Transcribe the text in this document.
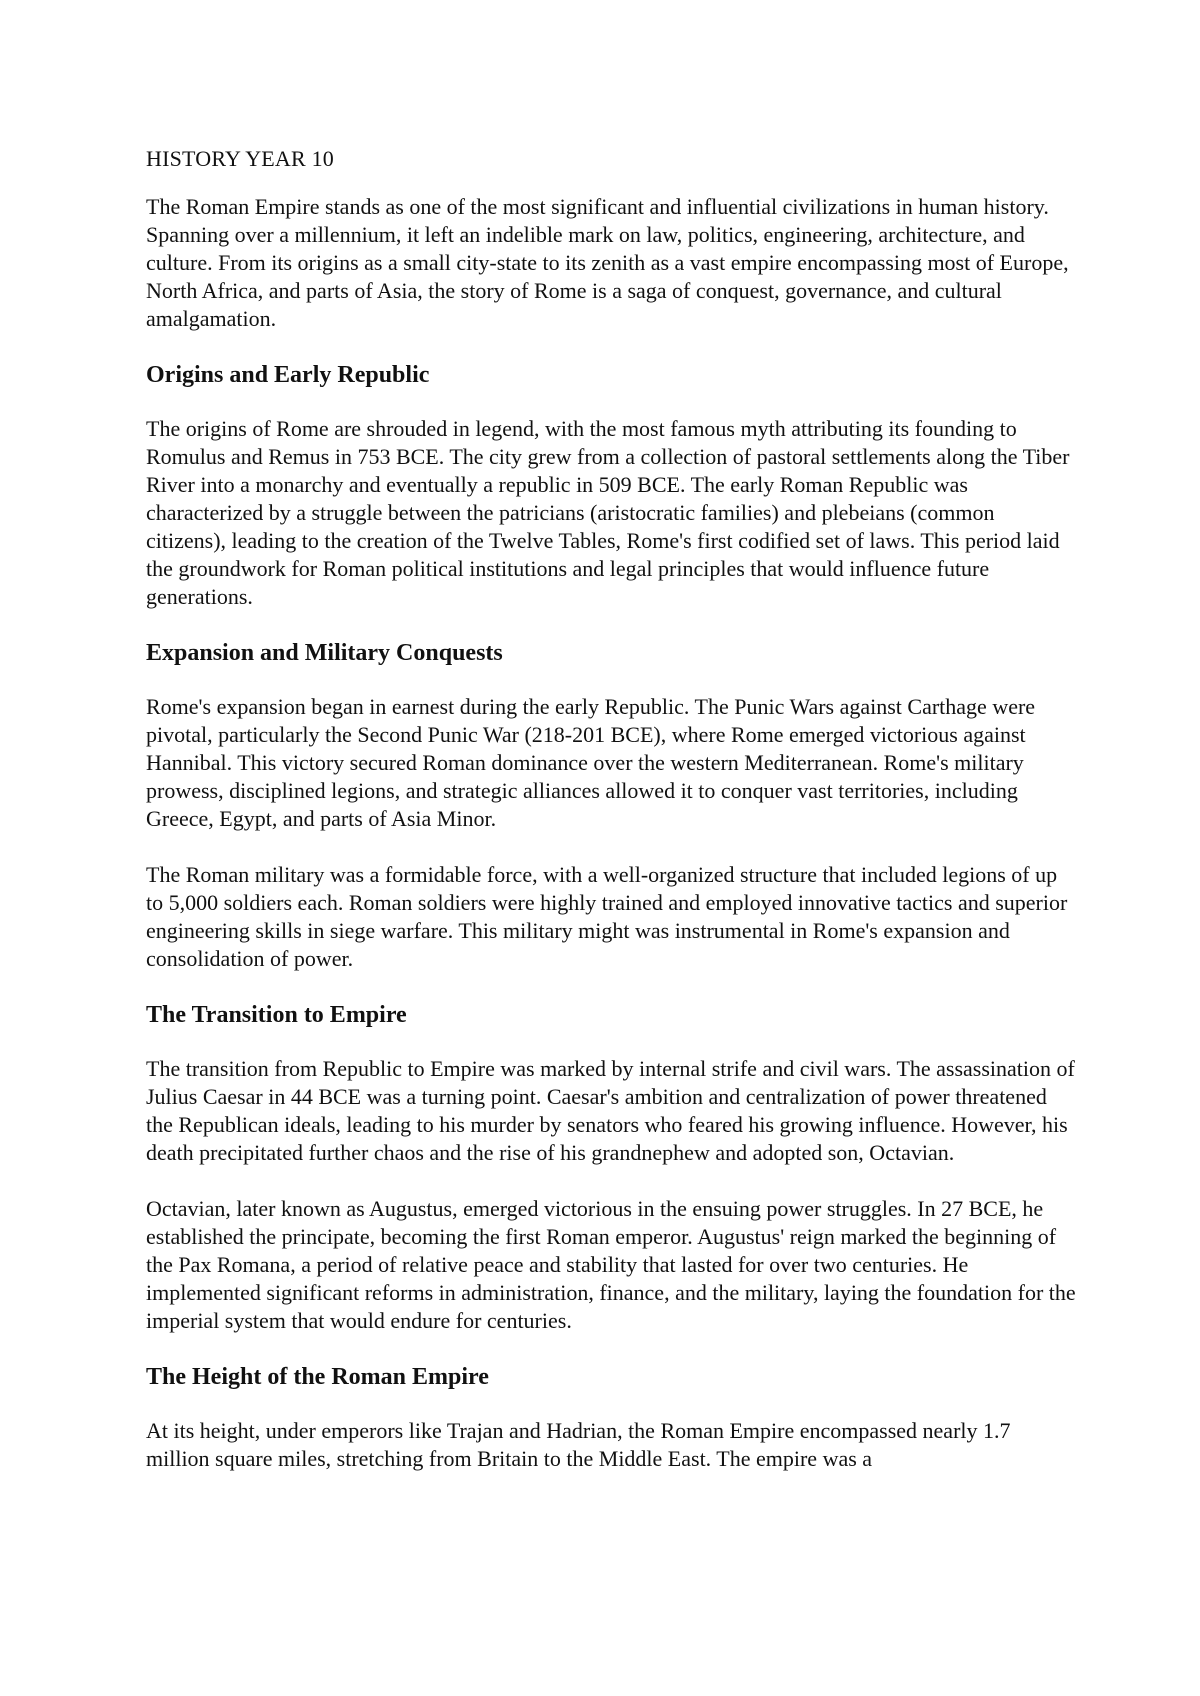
HISTORY YEAR 10

The Roman Empire stands as one of the most significant and influential civilizations in human history. Spanning over a millennium, it left an indelible mark on law, politics, engineering, architecture, and culture. From its origins as a small city-state to its zenith as a vast empire encompassing most of Europe, North Africa, and parts of Asia, the story of Rome is a saga of conquest, governance, and cultural amalgamation.

Origins and Early Republic

The origins of Rome are shrouded in legend, with the most famous myth attributing its founding to Romulus and Remus in 753 BCE. The city grew from a collection of pastoral settlements along the Tiber River into a monarchy and eventually a republic in 509 BCE. The early Roman Republic was characterized by a struggle between the patricians (aristocratic families) and plebeians (common citizens), leading to the creation of the Twelve Tables, Rome's first codified set of laws. This period laid the groundwork for Roman political institutions and legal principles that would influence future generations.

Expansion and Military Conquests

Rome's expansion began in earnest during the early Republic. The Punic Wars against Carthage were pivotal, particularly the Second Punic War (218-201 BCE), where Rome emerged victorious against Hannibal. This victory secured Roman dominance over the western Mediterranean. Rome's military prowess, disciplined legions, and strategic alliances allowed it to conquer vast territories, including Greece, Egypt, and parts of Asia Minor.

The Roman military was a formidable force, with a well-organized structure that included legions of up to 5,000 soldiers each. Roman soldiers were highly trained and employed innovative tactics and superior engineering skills in siege warfare. This military might was instrumental in Rome's expansion and consolidation of power.

The Transition to Empire

The transition from Republic to Empire was marked by internal strife and civil wars. The assassination of Julius Caesar in 44 BCE was a turning point. Caesar's ambition and centralization of power threatened the Republican ideals, leading to his murder by senators who feared his growing influence. However, his death precipitated further chaos and the rise of his grandnephew and adopted son, Octavian.

Octavian, later known as Augustus, emerged victorious in the ensuing power struggles. In 27 BCE, he established the principate, becoming the first Roman emperor. Augustus' reign marked the beginning of the Pax Romana, a period of relative peace and stability that lasted for over two centuries. He implemented significant reforms in administration, finance, and the military, laying the foundation for the imperial system that would endure for centuries.

The Height of the Roman Empire

At its height, under emperors like Trajan and Hadrian, the Roman Empire encompassed nearly 1.7 million square miles, stretching from Britain to the Middle East. The empire was a
